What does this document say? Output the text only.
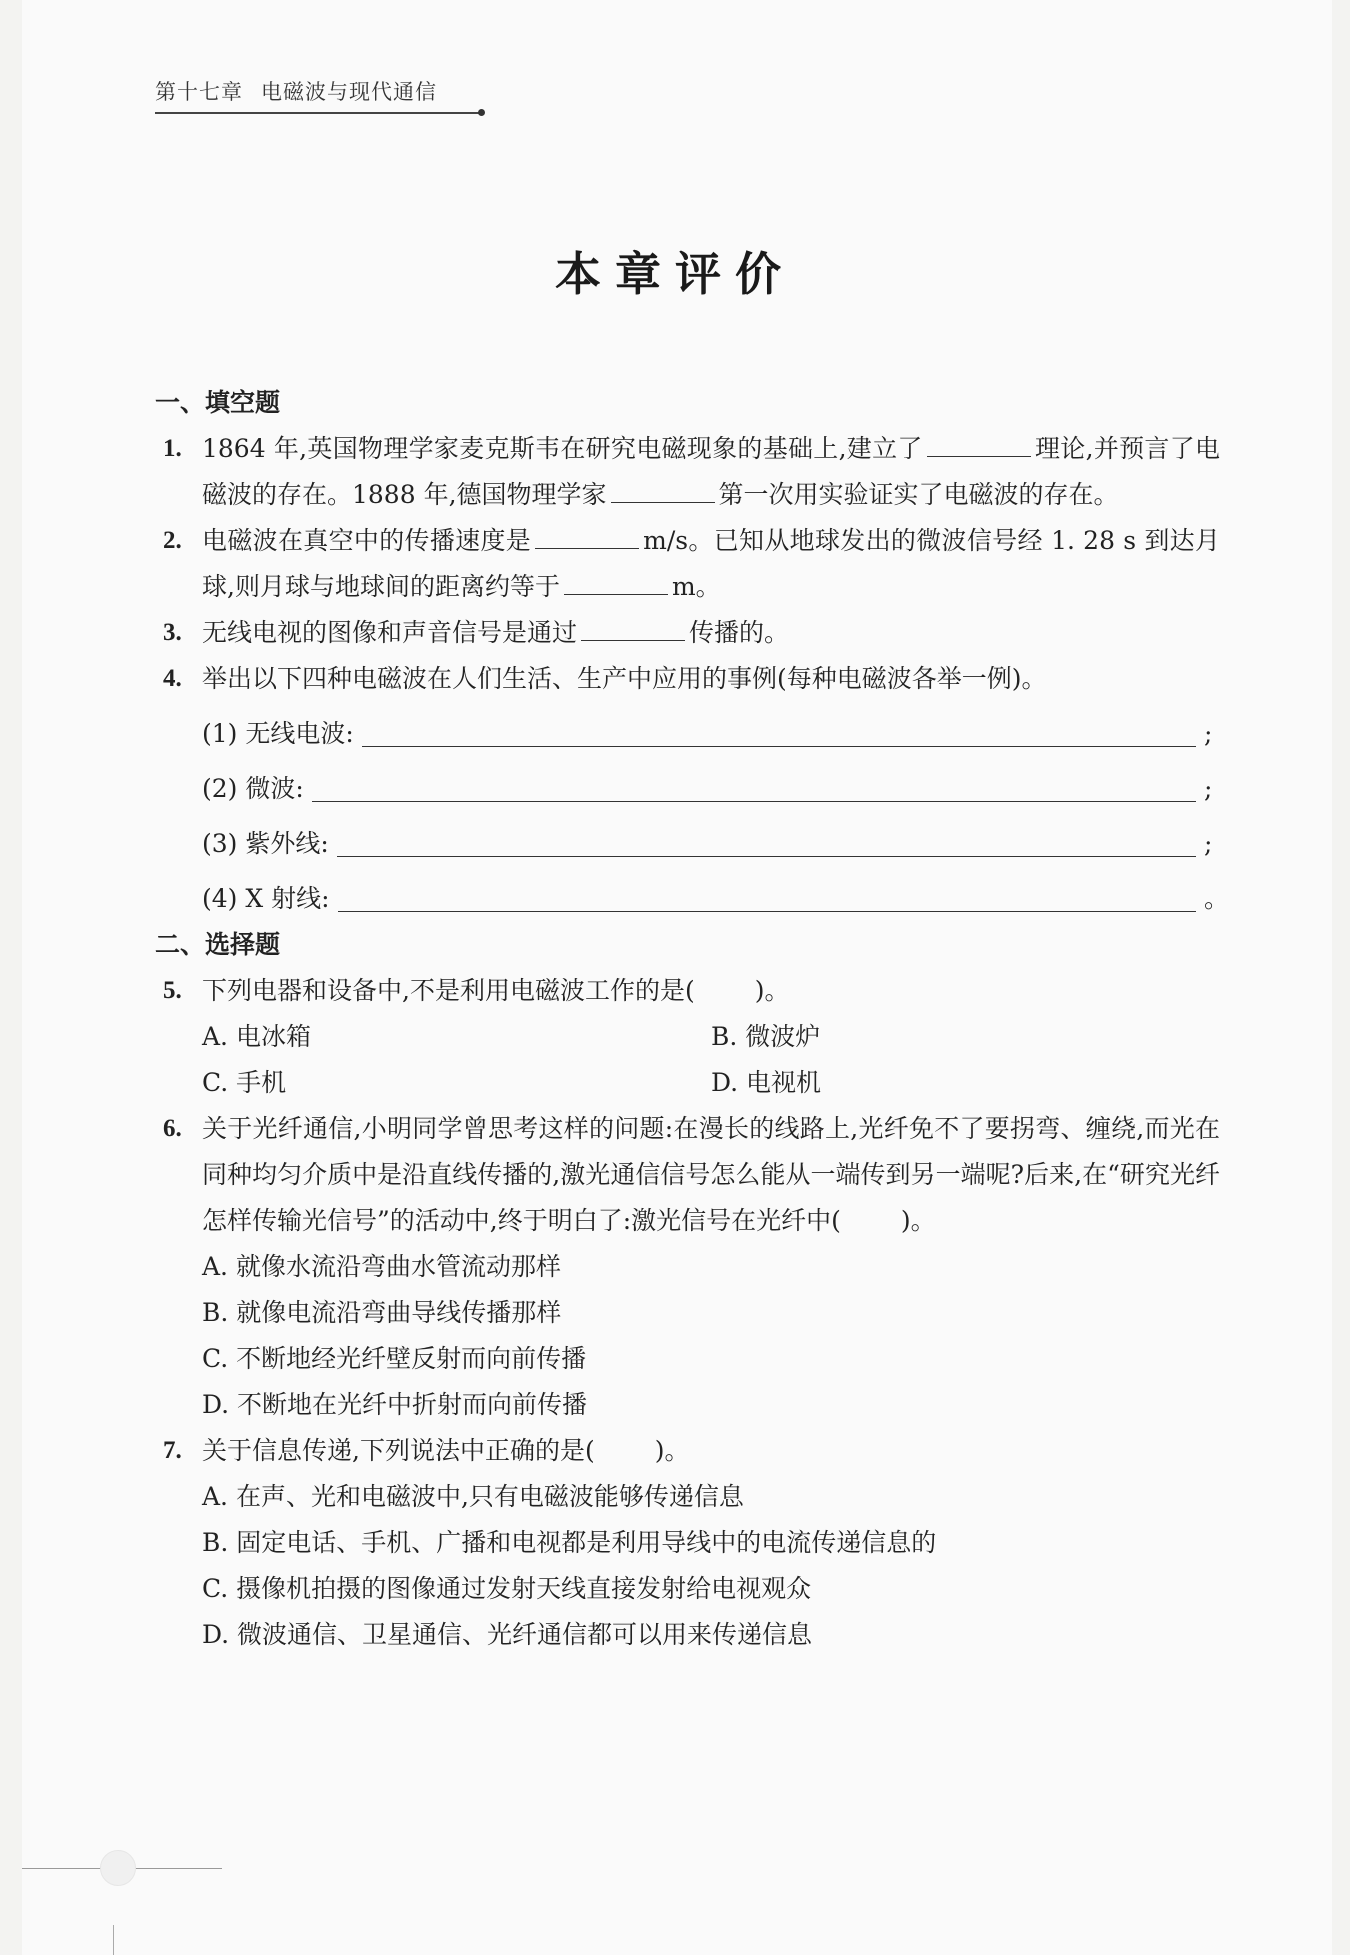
第十七章 电磁波与现代通信
本章评价
一、填空题
1. 1864 年,英国物理学家麦克斯韦在研究电磁现象的基础上,建立了	理论,并预言了电磁波的存在。1888 年,德国物理学家	第一次用实验证实了电磁波的存在。
2. 电磁波在真空中的传播速度是	m/s。已知从地球发出的微波信号经 1. 28 s 到达月球,则月球与地球间的距离约等于	m。
3. 无线电视的图像和声音信号是通过	传播的。
4. 举出以下四种电磁波在人们生活、生产中应用的事例(每种电磁波各举一例)。
(1) 无线电波:	;
(2) 微波:	;
(3) 紫外线:	;
(4) X 射线:	。
二、选择题
5. 下列电器和设备中,不是利用电磁波工作的是( )。
A. 电冰箱	B. 微波炉
C. 手机	D. 电视机
6. 关于光纤通信,小明同学曾思考这样的问题:在漫长的线路上,光纤免不了要拐弯、缠绕,而光在同种均匀介质中是沿直线传播的,激光通信信号怎么能从一端传到另一端呢?后来,在“研究光纤怎样传输光信号”的活动中,终于明白了:激光信号在光纤中( )。
A. 就像水流沿弯曲水管流动那样
B. 就像电流沿弯曲导线传播那样
C. 不断地经光纤壁反射而向前传播
D. 不断地在光纤中折射而向前传播
7. 关于信息传递,下列说法中正确的是( )。
A. 在声、光和电磁波中,只有电磁波能够传递信息
B. 固定电话、手机、广播和电视都是利用导线中的电流传递信息的
C. 摄像机拍摄的图像通过发射天线直接发射给电视观众
D. 微波通信、卫星通信、光纤通信都可以用来传递信息
